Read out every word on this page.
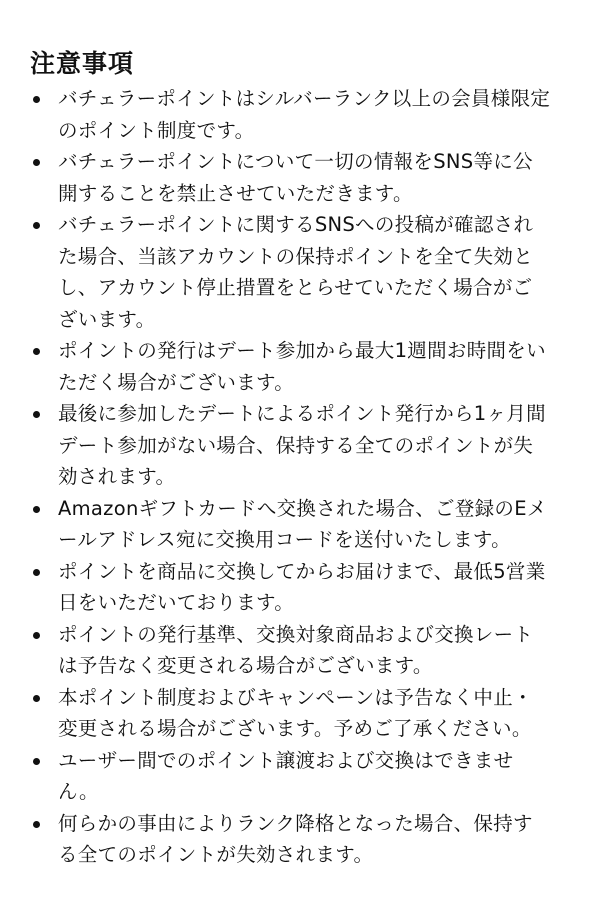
注意事項
バチェラーポイントはシルバーランク以上の会員様限定のポイント制度です。
バチェラーポイントについて一切の情報をSNS等に公開することを禁止させていただきます。
バチェラーポイントに関するSNSへの投稿が確認された場合、当該アカウントの保持ポイントを全て失効とし、アカウント停止措置をとらせていただく場合がございます。
ポイントの発行はデート参加から最大1週間お時間をいただく場合がございます。
最後に参加したデートによるポイント発行から1ヶ月間デート参加がない場合、保持する全てのポイントが失効されます。
Amazonギフトカードへ交換された場合、ご登録のEメールアドレス宛に交換用コードを送付いたします。
ポイントを商品に交換してからお届けまで、最低5営業日をいただいております。
ポイントの発行基準、交換対象商品および交換レートは予告なく変更される場合がございます。
本ポイント制度およびキャンペーンは予告なく中止・変更される場合がございます。予めご了承ください。
ユーザー間でのポイント譲渡および交換はできません。
何らかの事由によりランク降格となった場合、保持する全てのポイントが失効されます。
